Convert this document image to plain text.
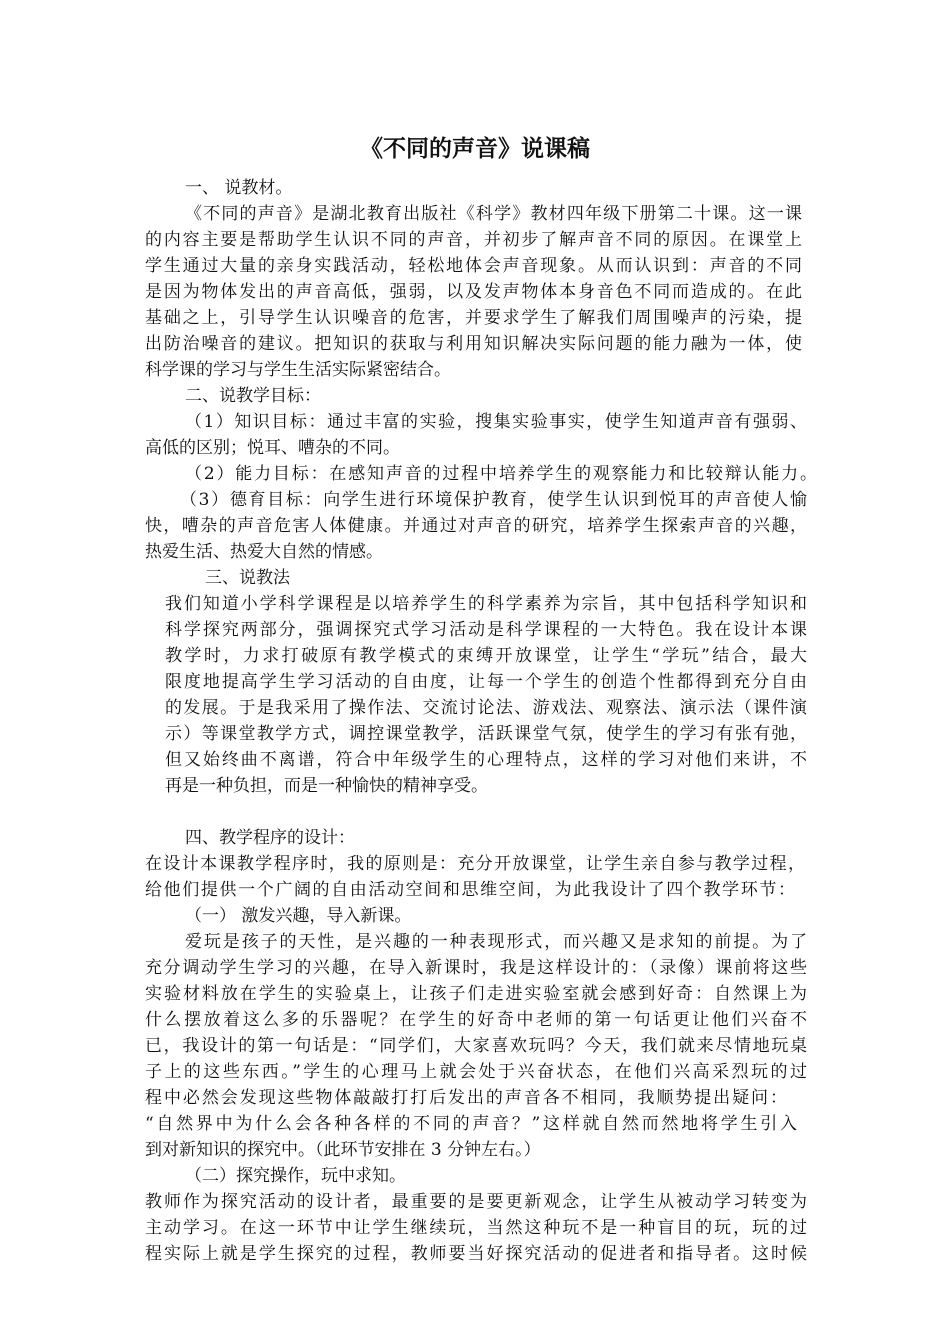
《不同的声音》说课稿

一、 说教材。

《不同的声音》是湖北教育出版社《科学》教材四年级下册第二十课。这一课

的内容主要是帮助学生认识不同的声音，并初步了解声音不同的原因。在课堂上

学生通过大量的亲身实践活动，轻松地体会声音现象。从而认识到：声音的不同

是因为物体发出的声音高低，强弱，以及发声物体本身音色不同而造成的。在此

基础之上，引导学生认识噪音的危害，并要求学生了解我们周围噪声的污染，提

出防治噪音的建议。把知识的获取与利用知识解决实际问题的能力融为一体，使

科学课的学习与学生生活实际紧密结合。

二、说教学目标：

（1）知识目标：通过丰富的实验，搜集实验事实，使学生知道声音有强弱、

高低的区别；悦耳、嘈杂的不同。

（2）能力目标：在感知声音的过程中培养学生的观察能力和比较辩认能力。

（3）德育目标：向学生进行环境保护教育，使学生认识到悦耳的声音使人愉

快，嘈杂的声音危害人体健康。并通过对声音的研究，培养学生探索声音的兴趣，

热爱生活、热爱大自然的情感。

三、说教法

我们知道小学科学课程是以培养学生的科学素养为宗旨，其中包括科学知识和

科学探究两部分，强调探究式学习活动是科学课程的一大特色。我在设计本课

教学时，力求打破原有教学模式的束缚开放课堂，让学生“学玩”结合，最大

限度地提高学生学习活动的自由度，让每一个学生的创造个性都得到充分自由

的发展。于是我采用了操作法、交流讨论法、游戏法、观察法、演示法（课件演

示）等课堂教学方式，调控课堂教学，活跃课堂气氛，使学生的学习有张有弛，

但又始终曲不离谱，符合中年级学生的心理特点，这样的学习对他们来讲，不

再是一种负担，而是一种愉快的精神享受。

四、教学程序的设计：

在设计本课教学程序时，我的原则是：充分开放课堂，让学生亲自参与教学过程，

给他们提供一个广阔的自由活动空间和思维空间，为此我设计了四个教学环节：

（一） 激发兴趣，导入新课。

爱玩是孩子的天性，是兴趣的一种表现形式，而兴趣又是求知的前提。为了

充分调动学生学习的兴趣，在导入新课时，我是这样设计的：（录像）课前将这些

实验材料放在学生的实验桌上，让孩子们走进实验室就会感到好奇：自然课上为

什么摆放着这么多的乐器呢？在学生的好奇中老师的第一句话更让他们兴奋不

已，我设计的第一句话是：“同学们，大家喜欢玩吗？今天，我们就来尽情地玩桌

子上的这些东西。”学生的心理马上就会处于兴奋状态，在他们兴高采烈玩的过

程中必然会发现这些物体敲敲打打后发出的声音各不相同，我顺势提出疑问：

“自然界中为什么会各种各样的不同的声音？”这样就自然而然地将学生引入

到对新知识的探究中。（此环节安排在 3 分钟左右。）

（二）探究操作，玩中求知。

教师作为探究活动的设计者，最重要的是要更新观念，让学生从被动学习转变为

主动学习。在这一环节中让学生继续玩，当然这种玩不是一种盲目的玩，玩的过

程实际上就是学生探究的过程，教师要当好探究活动的促进者和指导者。这时候
